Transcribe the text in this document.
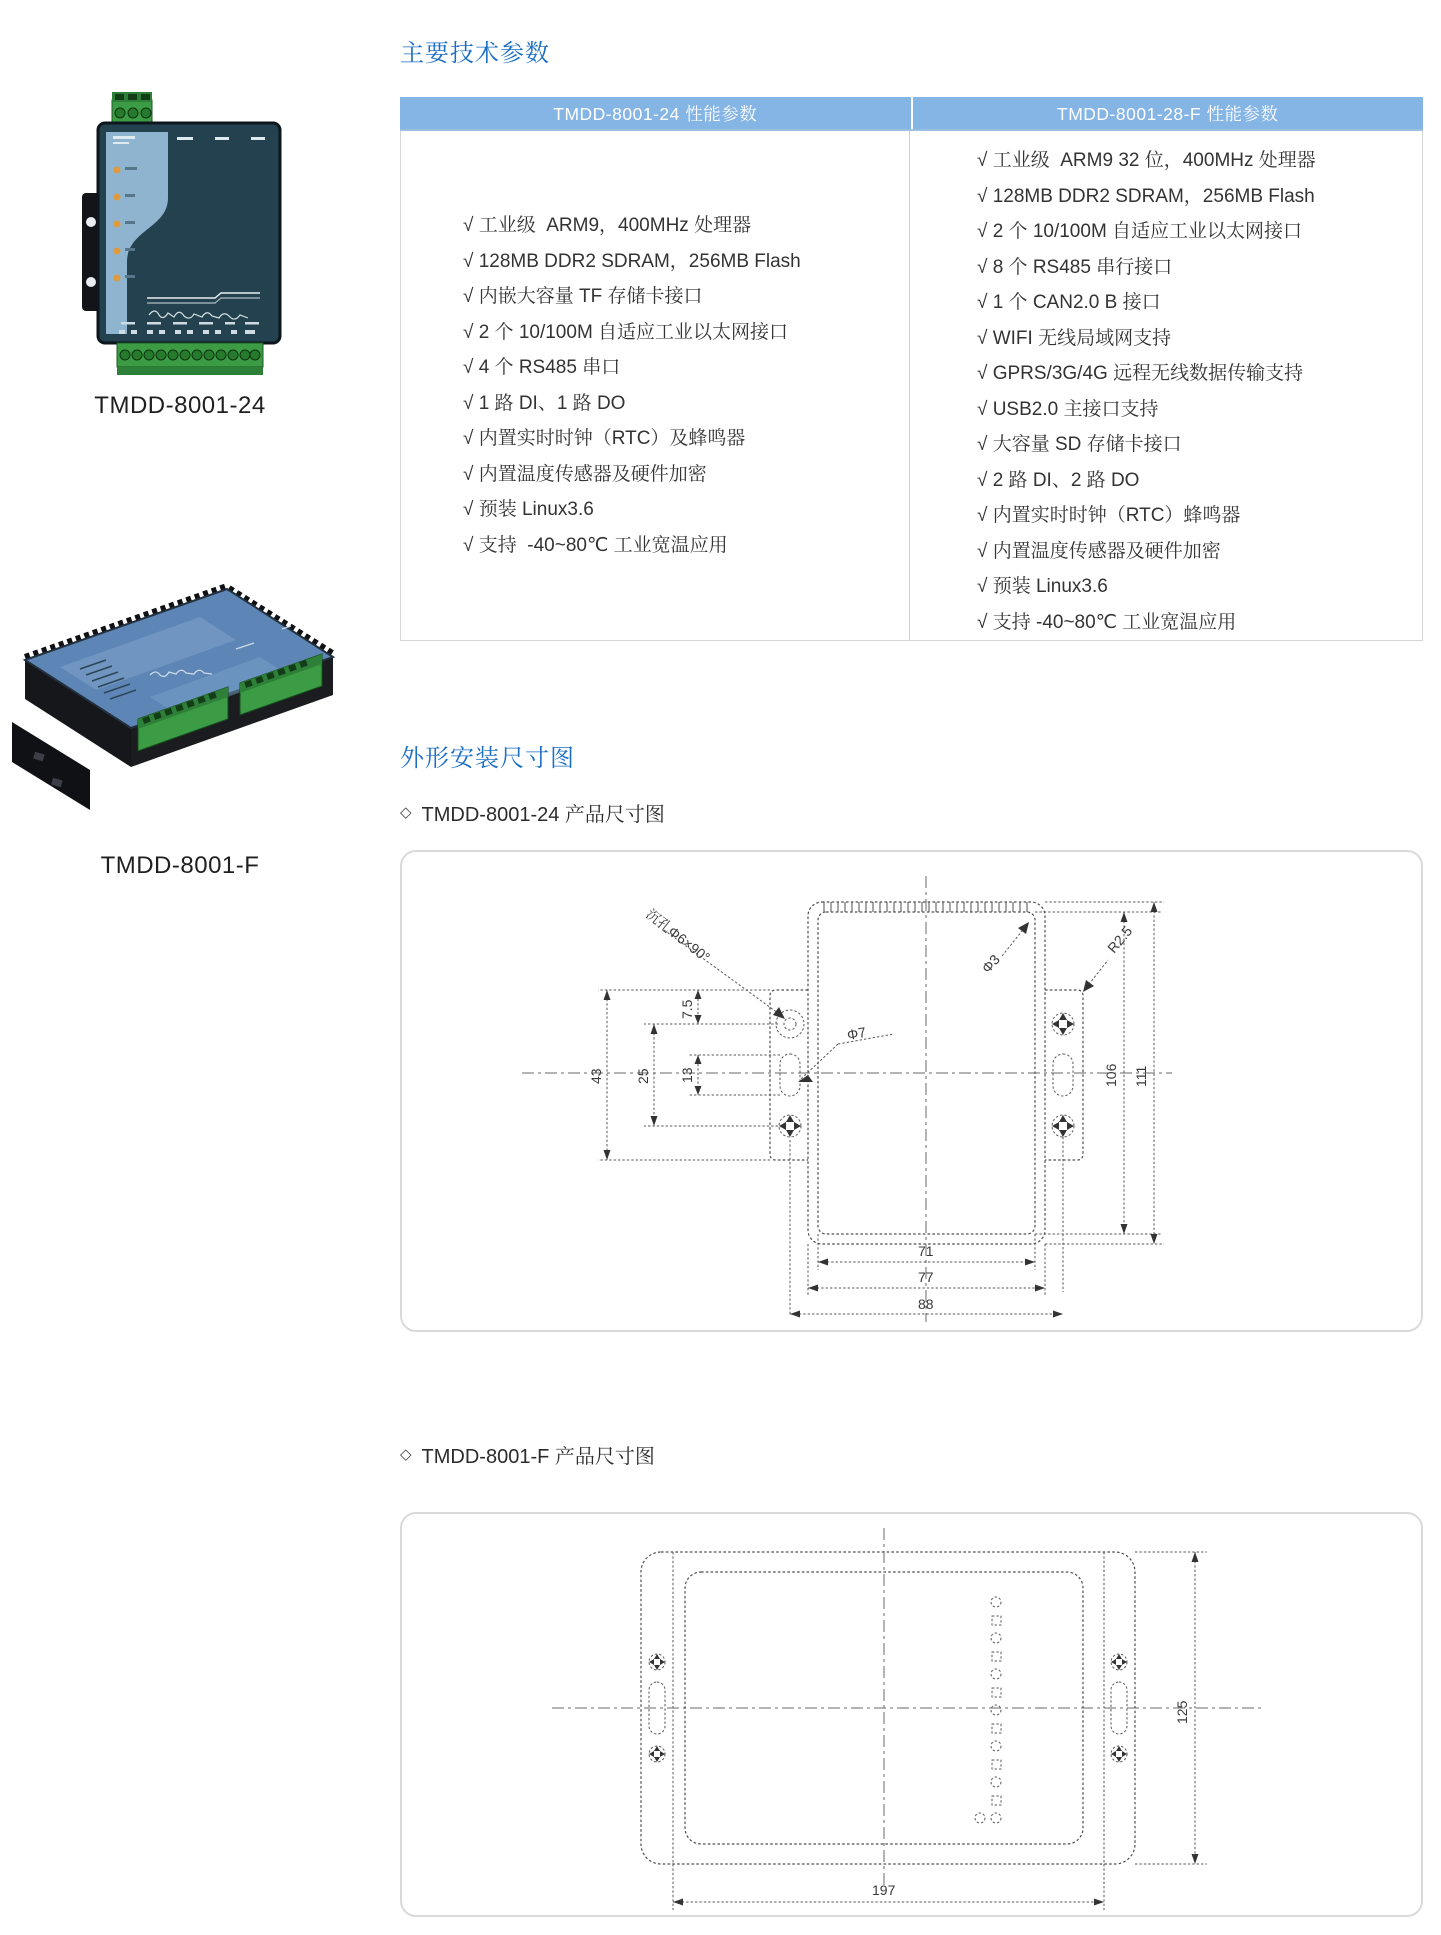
TMDD-8001-24
TMDD-8001-F
主要技术参数
TMDD-8001-24 性能参数	TMDD-8001-28-F 性能参数
√ 工业级  ARM9，400MHz 处理器
√ 128MB DDR2 SDRAM，256MB Flash
√ 内嵌大容量 TF 存储卡接口
√ 2 个 10/100M 自适应工业以太网接口
√ 4 个 RS485 串口
√ 1 路 DI、1 路 DO
√ 内置实时时钟（RTC）及蜂鸣器
√ 内置温度传感器及硬件加密
√ 预装 Linux3.6
√ 支持  -40~80℃ 工业宽温应用
√ 工业级  ARM9 32 位，400MHz 处理器
√ 128MB DDR2 SDRAM，256MB Flash
√ 2 个 10/100M 自适应工业以太网接口
√ 8 个 RS485 串行接口
√ 1 个 CAN2.0 B 接口
√ WIFI 无线局域网支持
√ GPRS/3G/4G 远程无线数据传输支持
√ USB2.0 主接口支持
√ 大容量 SD 存储卡接口
√ 2 路 DI、2 路 DO
√ 内置实时时钟（RTC）蜂鸣器
√ 内置温度传感器及硬件加密
√ 预装 Linux3.6
√ 支持 -40~80℃ 工业宽温应用
外形安装尺寸图
◇ TMDD-8001-24 产品尺寸图
沉孔Φ6×90°
Φ7
Φ3
R2.5
43 25 13
7.5
106 111
71
77
88
◇ TMDD-8001-F 产品尺寸图
125
197
